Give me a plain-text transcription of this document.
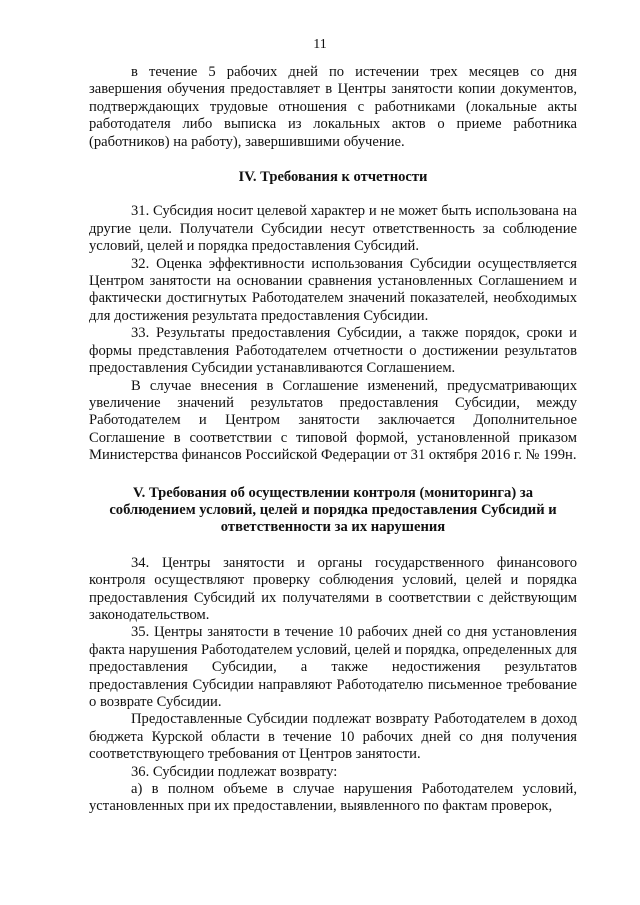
11

в течение 5 рабочих дней по истечении трех месяцев со дня завершения обучения предоставляет в Центры занятости копии документов, подтверждающих трудовые отношения с работниками (локальные акты работодателя либо выписка из локальных актов о приеме работника (работников) на работу), завершившими обучение.

IV. Требования к отчетности

31. Субсидия носит целевой характер и не может быть использована на другие цели. Получатели Субсидии несут ответственность за соблюдение условий, целей и порядка предоставления Субсидий.

32. Оценка эффективности использования Субсидии осуществляется Центром занятости на основании сравнения установленных Соглашением и фактически достигнутых Работодателем значений показателей, необходимых для достижения результата предоставления Субсидии.

33. Результаты предоставления Субсидии, а также порядок, сроки и формы представления Работодателем отчетности о достижении результатов предоставления Субсидии устанавливаются Соглашением.

В случае внесения в Соглашение изменений, предусматривающих увеличение значений результатов предоставления Субсидии, между Работодателем и Центром занятости заключается Дополнительное Соглашение в соответствии с типовой формой, установленной приказом Министерства финансов Российской Федерации от 31 октября 2016 г. № 199н.

V. Требования об осуществлении контроля (мониторинга) за
соблюдением условий, целей и порядка предоставления Субсидий и
ответственности за их нарушения

34. Центры занятости и органы государственного финансового контроля осуществляют проверку соблюдения условий, целей и порядка предоставления Субсидий их получателями в соответствии с действующим законодательством.

35. Центры занятости в течение 10 рабочих дней со дня установления факта нарушения Работодателем условий, целей и порядка, определенных для предоставления Субсидии, а также недостижения результатов предоставления Субсидии направляют Работодателю письменное требование о возврате Субсидии.

Предоставленные Субсидии подлежат возврату Работодателем в доход бюджета Курской области в течение 10 рабочих дней со дня получения соответствующего требования от Центров занятости.

36. Субсидии подлежат возврату:

а) в полном объеме в случае нарушения Работодателем условий, установленных при их предоставлении, выявленного по фактам проверок,
